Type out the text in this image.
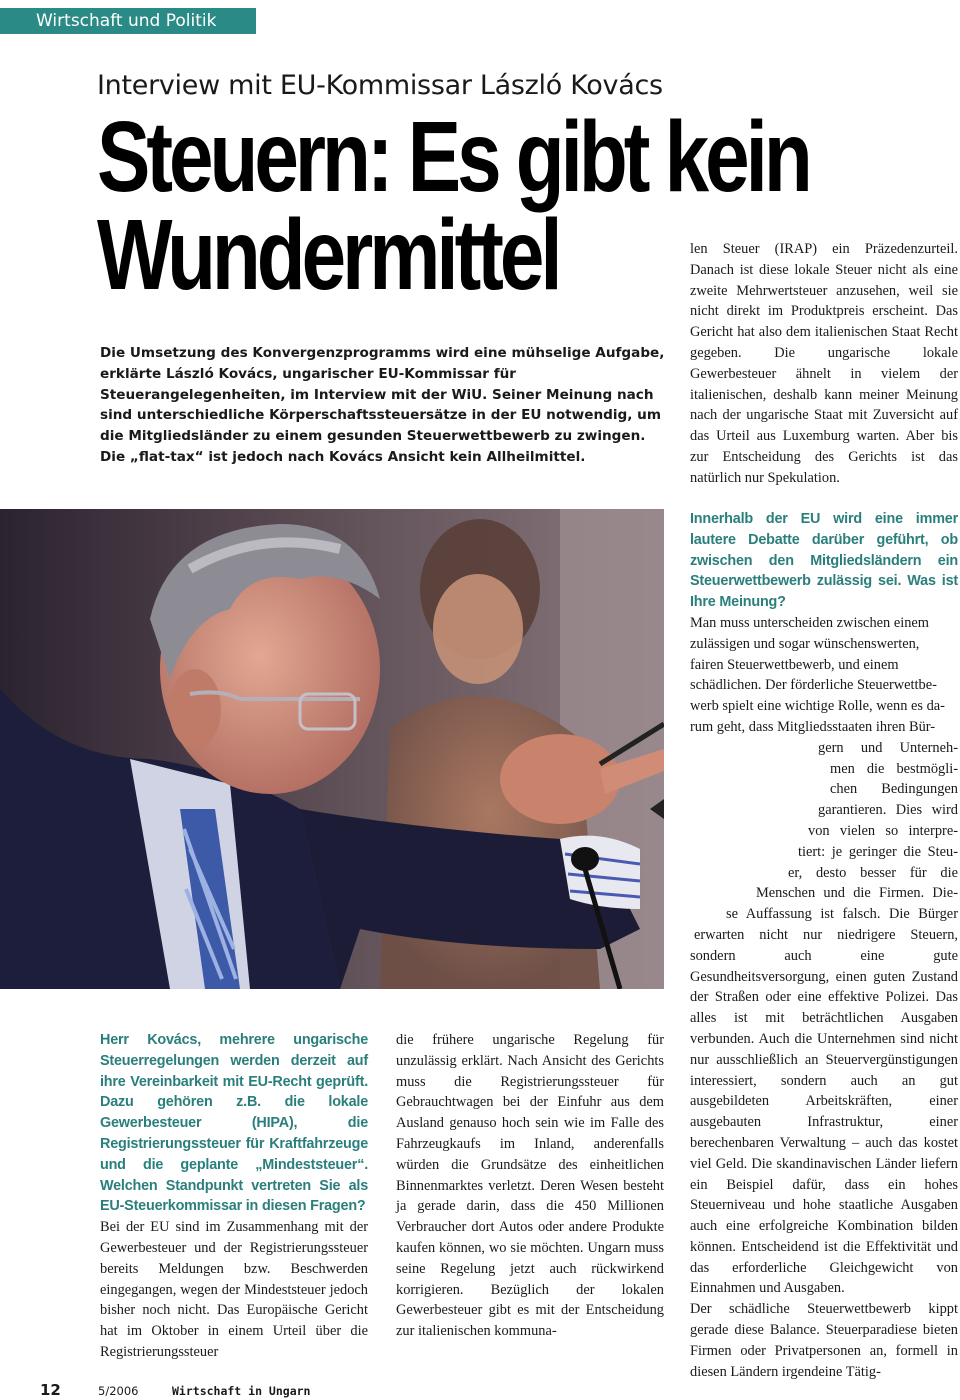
Wirtschaft und Politik
Interview mit EU-Kommissar László Kovács
Steuern: Es gibt kein
Wundermittel

Die Umsetzung des Konvergenzprogramms wird eine mühselige Aufgabe, erklärte László Kovács, ungarischer EU-Kommissar für Steuerangelegenheiten, im Interview mit der WiU. Seiner Meinung nach sind unterschiedliche Körperschaftssteuersätze in der EU notwendig, um die Mitgliedsländer zu einem gesunden Steuerwettbewerb zu zwingen. Die „flat-tax“ ist jedoch nach Kovács Ansicht kein Allheilmittel.

len Steuer (IRAP) ein Präzedenzurteil. Danach ist diese lokale Steuer nicht als eine zweite Mehrwertsteuer anzusehen, weil sie nicht direkt im Produktpreis erscheint. Das Gericht hat also dem italienischen Staat Recht gegeben. Die ungarische lokale Gewerbesteuer ähnelt in vielem der italienischen, deshalb kann meiner Meinung nach der ungarische Staat mit Zuversicht auf das Urteil aus Luxemburg warten. Aber bis zur Entscheidung des Gerichts ist das natürlich nur Spekulation.

Herr Kovács, mehrere ungarische Steuerregelungen werden derzeit auf ihre Vereinbarkeit mit EU-Recht geprüft. Dazu gehören z.B. die lokale Gewerbesteuer (HIPA), die Registrierungssteuer für Kraftfahrzeuge und die geplante „Mindeststeuer“. Welchen Standpunkt vertreten Sie als EU-Steuerkommissar in diesen Fragen?

Bei der EU sind im Zusammenhang mit der Gewerbesteuer und der Registrierungssteuer bereits Meldungen bzw. Beschwerden eingegangen, wegen der Mindeststeuer jedoch bisher noch nicht. Das Europäische Gericht hat im Oktober in einem Urteil über die Registrierungssteuer

die frühere ungarische Regelung für unzulässig erklärt. Nach Ansicht des Gerichts muss die Registrierungssteuer für Gebrauchtwagen bei der Einfuhr aus dem Ausland genauso hoch sein wie im Falle des Fahrzeugkaufs im Inland, anderenfalls würden die Grundsätze des einheitlichen Binnenmarktes verletzt. Deren Wesen besteht ja gerade darin, dass die 450 Millionen Verbraucher dort Autos oder andere Produkte kaufen können, wo sie möchten. Ungarn muss seine Regelung jetzt auch rückwirkend korrigieren. Bezüglich der lokalen Gewerbesteuer gibt es mit der Entscheidung zur italienischen kommuna-

Innerhalb der EU wird eine immer lautere Debatte darüber geführt, ob zwischen den Mitgliedsländern ein Steuerwettbewerb zulässig sei. Was ist Ihre Meinung?

Man muss unterscheiden zwischen einem
zulässigen und sogar wünschenswerten,
fairen Steuerwettbewerb, und einem
schädlichen. Der förderliche Steuerwettbe-
werb spielt eine wichtige Rolle, wenn es da-
rum geht, dass Mitgliedsstaaten ihren Bür-
gern und Unterneh-
men die bestmögli-
chen Bedingungen
garantieren. Dies wird
von vielen so interpre-
tiert: je geringer die Steu-
er, desto besser für die
Menschen und die Firmen. Die-
se Auffassung ist falsch. Die Bürger
erwarten nicht nur niedrigere Steuern,

sondern auch eine gute Gesundheitsversorgung, einen guten Zustand der Straßen oder eine effektive Polizei. Das alles ist mit beträchtlichen Ausgaben verbunden. Auch die Unternehmen sind nicht nur ausschließlich an Steuervergünstigungen interessiert, sondern auch an gut ausgebildeten Arbeitskräften, einer ausgebauten Infrastruktur, einer berechenbaren Verwaltung – auch das kostet viel Geld. Die skandinavischen Länder liefern ein Beispiel dafür, dass ein hohes Steuerniveau und hohe staatliche Ausgaben auch eine erfolgreiche Kombination bilden können. Entscheidend ist die Effektivität und das erforderliche Gleichgewicht von Einnahmen und Ausgaben.

Der schädliche Steuerwettbewerb kippt gerade diese Balance. Steuerparadiese bieten Firmen oder Privatpersonen an, formell in diesen Ländern irgendeine Tätig-

12	5/2006	Wirtschaft in Ungarn
